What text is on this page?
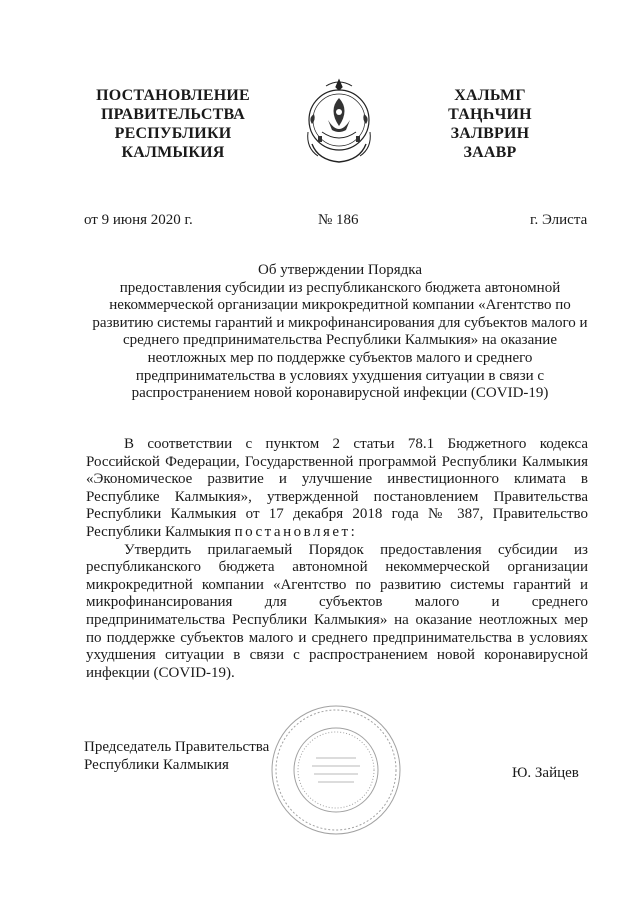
ПОСТАНОВЛЕНИЕ
ПРАВИТЕЛЬСТВА
РЕСПУБЛИКИ
КАЛМЫКИЯ
ХАЛЬМГ
ТАҢҺЧИН
ЗАЛВРИН
ЗААВР
от 9 июня 2020 г.	№ 186	г. Элиста
Об утверждении Порядка
предоставления субсидии из республиканского бюджета автономной
некоммерческой организации микрокредитной компании «Агентство по
развитию системы гарантий и микрофинансирования для субъектов малого и
среднего предпринимательства Республики Калмыкия» на оказание
неотложных мер по поддержке субъектов малого и среднего
предпринимательства в условиях ухудшения ситуации в связи с
распространением новой коронавирусной инфекции (COVID-19)

В соответствии с пунктом 2 статьи 78.1 Бюджетного кодекса Российской Федерации, Государственной программой Республики Калмыкия «Экономическое развитие и улучшение инвестиционного климата в Республике Калмыкия», утвержденной постановлением Правительства Республики Калмыкия от 17 декабря 2018 года № 387, Правительство Республики Калмыкия постановляет:

Утвердить прилагаемый Порядок предоставления субсидии из республиканского бюджета автономной некоммерческой организации микрокредитной компании «Агентство по развитию системы гарантий и микрофинансирования для субъектов малого и среднего предпринимательства Республики Калмыкия» на оказание неотложных мер по поддержке субъектов малого и среднего предпринимательства в условиях ухудшения ситуации в связи с распространением новой коронавирусной инфекции (COVID-19).

Председатель Правительства
Республики Калмыкия	Ю. Зайцев
